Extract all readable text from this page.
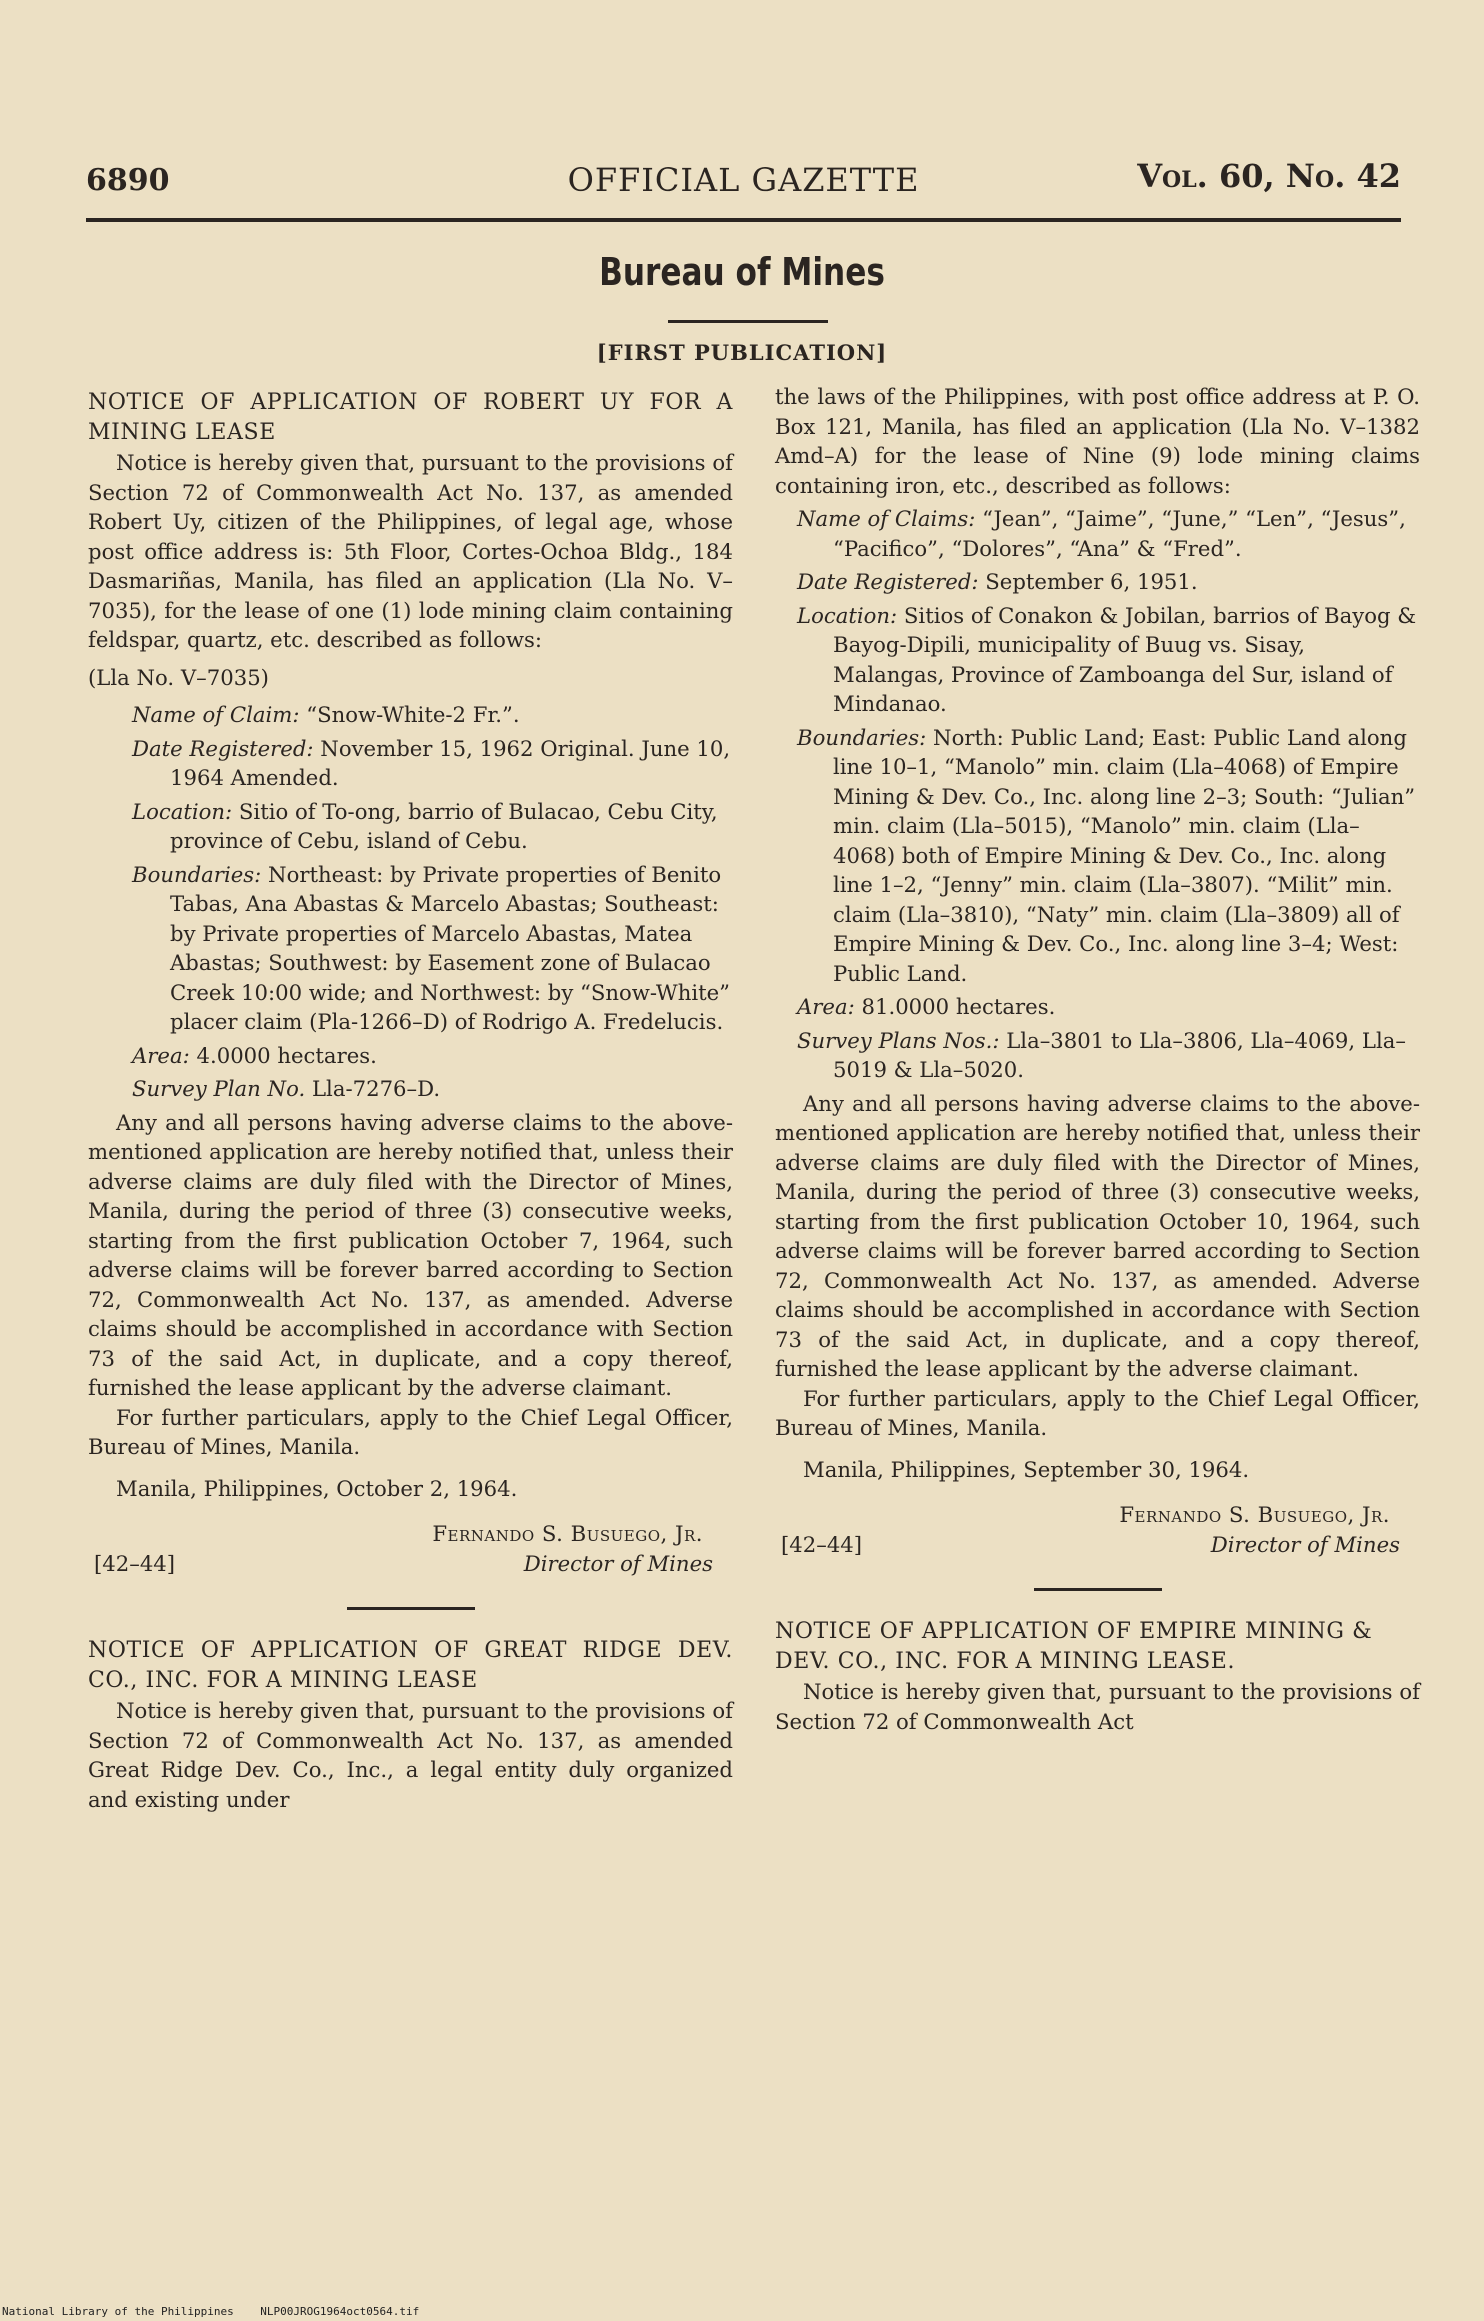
6890	OFFICIAL GAZETTE	Vol. 60, No. 42
Bureau of Mines
[FIRST PUBLICATION]

NOTICE OF APPLICATION OF ROBERT UY FOR A MINING LEASE

Notice is hereby given that, pursuant to the provisions of Section 72 of Commonwealth Act No. 137, as amended Robert Uy, citizen of the Philippines, of legal age, whose post office address is: 5th Floor, Cortes-Ochoa Bldg., 184 Dasmariñas, Manila, has filed an application (Lla No. V–7035), for the lease of one (1) lode mining claim containing feldspar, quartz, etc. described as follows:

(Lla No. V–7035)

Name of Claim: “Snow-White-2 Fr.”.

Date Registered: November 15, 1962 Original. June 10, 1964 Amended.

Location: Sitio of To-ong, barrio of Bulacao, Cebu City, province of Cebu, island of Cebu.

Boundaries: Northeast: by Private properties of Benito Tabas, Ana Abastas & Marcelo Abastas; Southeast: by Private properties of Marcelo Abastas, Matea Abastas; Southwest: by Easement zone of Bulacao Creek 10:00 wide; and Northwest: by “Snow-White” placer claim (Pla-1266–D) of Rodrigo A. Fredelucis.

Area: 4.0000 hectares.

Survey Plan No. Lla-7276–D.

Any and all persons having adverse claims to the above-mentioned application are hereby notified that, unless their adverse claims are duly filed with the Director of Mines, Manila, during the period of three (3) consecutive weeks, starting from the first publication October 7, 1964, such adverse claims will be forever barred according to Section 72, Commonwealth Act No. 137, as amended. Adverse claims should be accomplished in accordance with Section 73 of the said Act, in duplicate, and a copy thereof, furnished the lease applicant by the adverse claimant.

For further particulars, apply to the Chief Legal Officer, Bureau of Mines, Manila.

Manila, Philippines, October 2, 1964.

Fernando S. Busuego, Jr.
[42–44]	Director of Mines

NOTICE OF APPLICATION OF GREAT RIDGE DEV. CO., INC. FOR A MINING LEASE

Notice is hereby given that, pursuant to the provisions of Section 72 of Commonwealth Act No. 137, as amended Great Ridge Dev. Co., Inc., a legal entity duly organized and existing under

the laws of the Philippines, with post office address at P. O. Box 121, Manila, has filed an application (Lla No. V–1382 Amd–A) for the lease of Nine (9) lode mining claims containing iron, etc., described as follows:

Name of Claims: “Jean”, “Jaime”, “June,” “Len”, “Jesus”, “Pacifico”, “Dolores”, “Ana” & “Fred”.

Date Registered: September 6, 1951.

Location: Sitios of Conakon & Jobilan, barrios of Bayog & Bayog-Dipili, municipality of Buug vs. Sisay, Malangas, Province of Zamboanga del Sur, island of Mindanao.

Boundaries: North: Public Land; East: Public Land along line 10–1, “Manolo” min. claim (Lla–4068) of Empire Mining & Dev. Co., Inc. along line 2–3; South: “Julian” min. claim (Lla–5015), “Manolo” min. claim (Lla–4068) both of Empire Mining & Dev. Co., Inc. along line 1–2, “Jenny” min. claim (Lla–3807). “Milit” min. claim (Lla–3810), “Naty” min. claim (Lla–3809) all of Empire Mining & Dev. Co., Inc. along line 3–4; West: Public Land.

Area: 81.0000 hectares.

Survey Plans Nos.: Lla–3801 to Lla–3806, Lla–4069, Lla–5019 & Lla–5020.

Any and all persons having adverse claims to the above-mentioned application are hereby notified that, unless their adverse claims are duly filed with the Director of Mines, Manila, during the period of three (3) consecutive weeks, starting from the first publication October 10, 1964, such adverse claims will be forever barred according to Section 72, Commonwealth Act No. 137, as amended. Adverse claims should be accomplished in accordance with Section 73 of the said Act, in duplicate, and a copy thereof, furnished the lease applicant by the adverse claimant.

For further particulars, apply to the Chief Legal Officer, Bureau of Mines, Manila.

Manila, Philippines, September 30, 1964.

Fernando S. Busuego, Jr.
[42–44]	Director of Mines

NOTICE OF APPLICATION OF EMPIRE MINING & DEV. CO., INC. FOR A MINING LEASE.

Notice is hereby given that, pursuant to the provisions of Section 72 of Commonwealth Act

National Library of the Philippines NLP00JROG1964oct0564.tif
